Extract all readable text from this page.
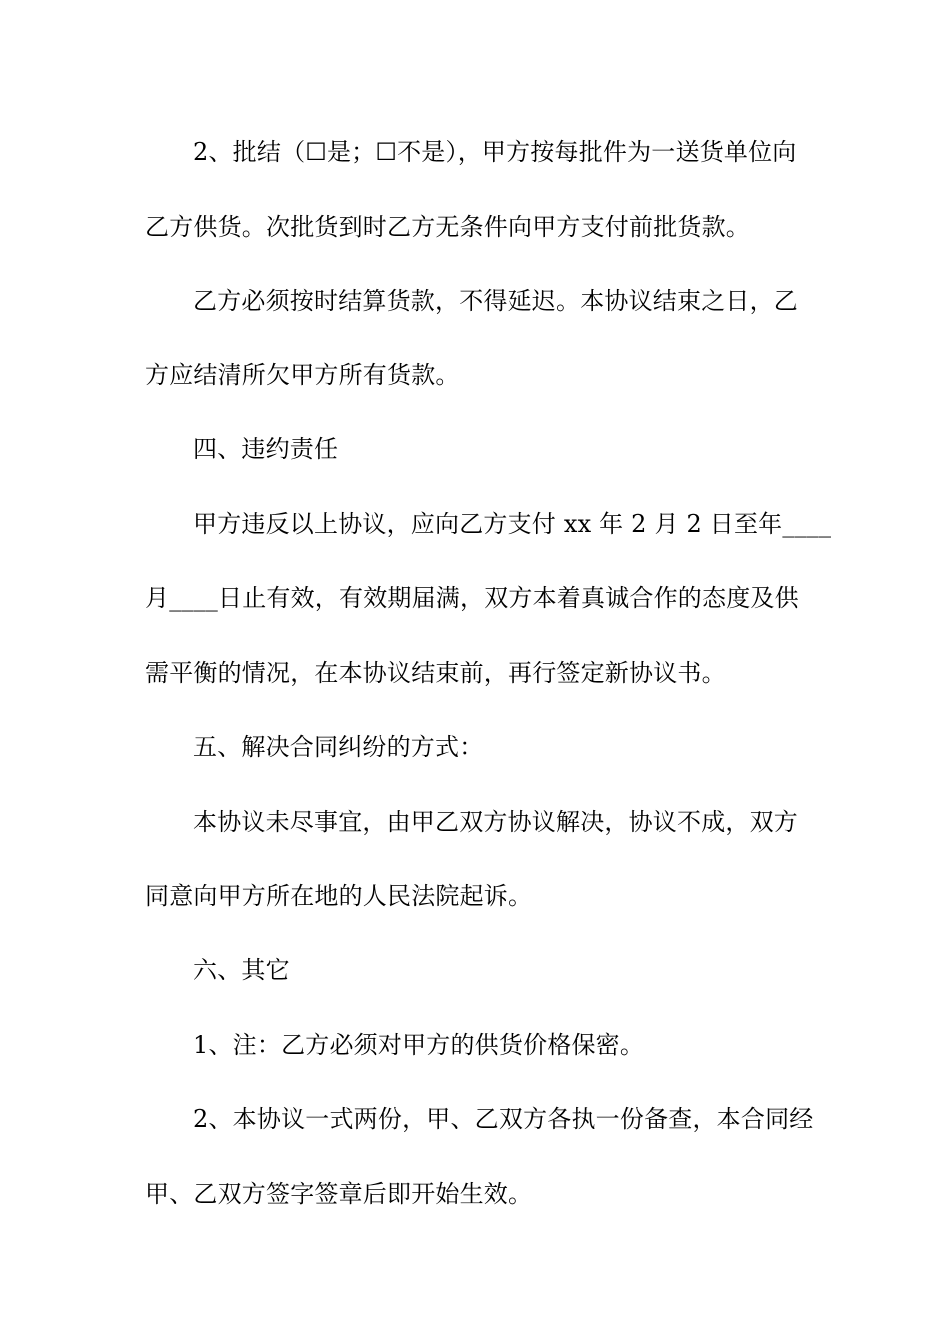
2、批结（☐是；☐不是），甲方按每批件为一送货单位向
乙方供货。次批货到时乙方无条件向甲方支付前批货款。
乙方必须按时结算货款，不得延迟。本协议结束之日，乙
方应结清所欠甲方所有货款。
四、违约责任
甲方违反以上协议，应向乙方支付 xx 年 2 月 2 日至年____
月____日止有效，有效期届满，双方本着真诚合作的态度及供
需平衡的情况，在本协议结束前，再行签定新协议书。
五、解决合同纠纷的方式：
本协议未尽事宜，由甲乙双方协议解决，协议不成，双方
同意向甲方所在地的人民法院起诉。
六、其它
1、注：乙方必须对甲方的供货价格保密。
2、本协议一式两份，甲、乙双方各执一份备查，本合同经
甲、乙双方签字签章后即开始生效。
